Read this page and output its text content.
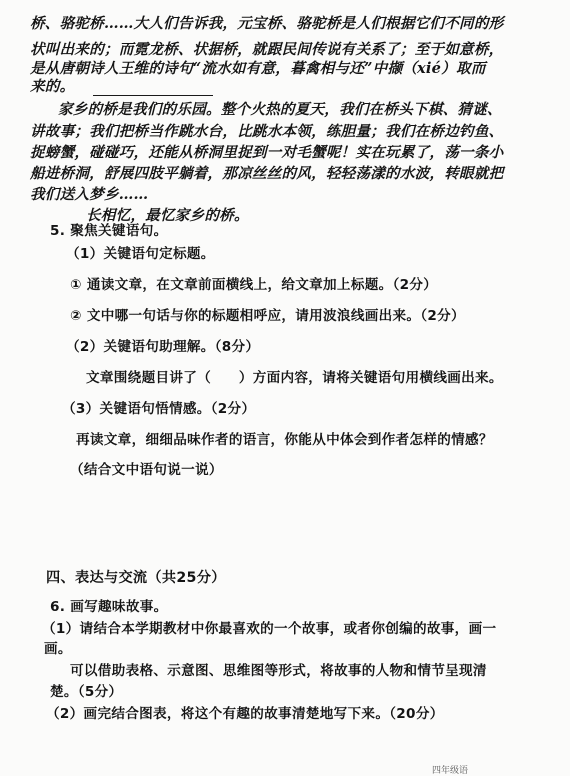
桥、骆驼桥……大人们告诉我，元宝桥、骆驼桥是人们根据它们不同的形
状叫出来的；而霓龙桥、状据桥，就跟民间传说有关系了；至于如意桥，
是从唐朝诗人王维的诗句“流水如有意，暮禽相与还”中撷（xié）取而
来的。
家乡的桥是我们的乐园。整个火热的夏天，我们在桥头下棋、猜谜、
讲故事；我们把桥当作跳水台，比跳水本领，练胆量；我们在桥边钓鱼、
捉螃蟹，碰碰巧，还能从桥洞里捉到一对毛蟹呢！实在玩累了，荡一条小
船进桥洞，舒展四肢平躺着，那凉丝丝的风，轻轻荡漾的水波，转眼就把
我们送入梦乡……
长相忆，最忆家乡的桥。
5. 聚焦关键语句。
（1）关键语句定标题。
① 通读文章，在文章前面横线上，给文章加上标题。（2分）
② 文中哪一句话与你的标题相呼应，请用波浪线画出来。（2分）
（2）关键语句助理解。（8分）
文章围绕题目讲了（　　）方面内容，请将关键语句用横线画出来。
（3）关键语句悟情感。（2分）
再读文章，细细品味作者的语言，你能从中体会到作者怎样的情感？
（结合文中语句说一说）
四、表达与交流（共25分）
6. 画写趣味故事。
（1）请结合本学期教材中你最喜欢的一个故事，或者你创编的故事，画一
画。
可以借助表格、示意图、思维图等形式，将故事的人物和情节呈现清
楚。（5分）
（2）画完结合图表，将这个有趣的故事清楚地写下来。（20分）
四年级语
